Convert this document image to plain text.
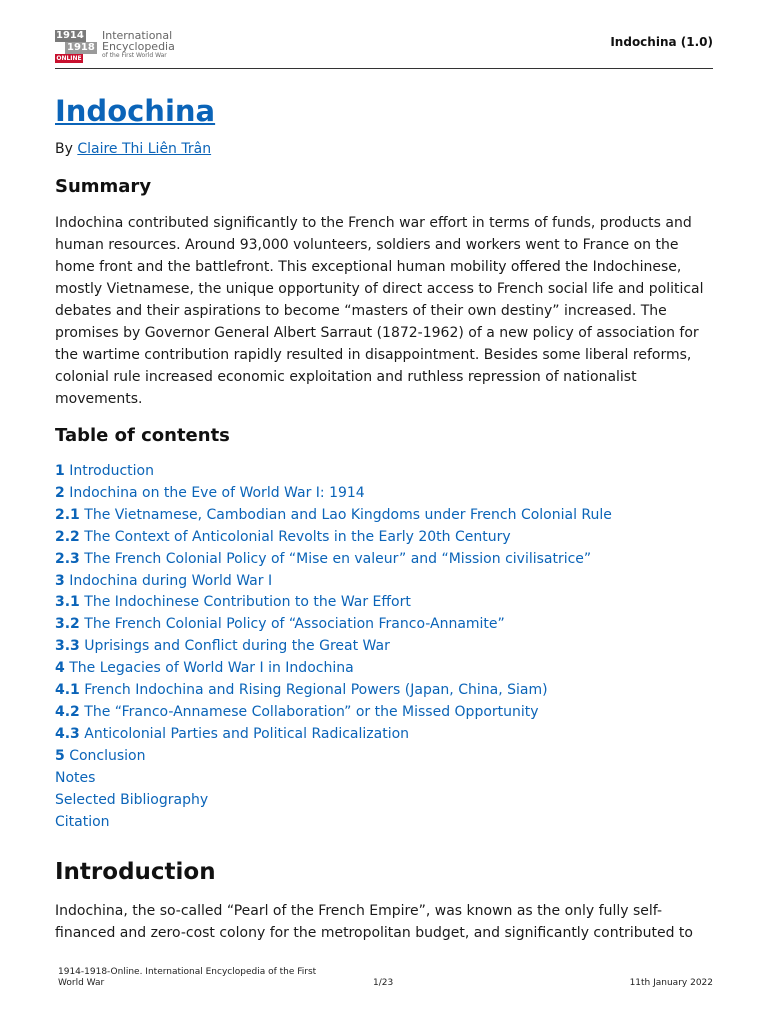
1914
1918
ONLINE
International
Encyclopedia
of the First World War
Indochina (1.0)
Indochina
By Claire Thi Liên Trân
Summary

Indochina contributed significantly to the French war effort in terms of funds, products and human resources. Around 93,000 volunteers, soldiers and workers went to France on the home front and the battlefront. This exceptional human mobility offered the Indochinese, mostly Vietnamese, the unique opportunity of direct access to French social life and political debates and their aspirations to become “masters of their own destiny” increased. The promises by Governor General Albert Sarraut (1872-1962) of a new policy of association for the wartime contribution rapidly resulted in disappointment. Besides some liberal reforms, colonial rule increased economic exploitation and ruthless repression of nationalist movements.

Table of contents
1 Introduction
2 Indochina on the Eve of World War I: 1914
2.1 The Vietnamese, Cambodian and Lao Kingdoms under French Colonial Rule
2.2 The Context of Anticolonial Revolts in the Early 20th Century
2.3 The French Colonial Policy of “Mise en valeur” and “Mission civilisatrice”
3 Indochina during World War I
3.1 The Indochinese Contribution to the War Effort
3.2 The French Colonial Policy of “Association Franco-Annamite”
3.3 Uprisings and Conflict during the Great War
4 The Legacies of World War I in Indochina
4.1 French Indochina and Rising Regional Powers (Japan, China, Siam)
4.2 The “Franco-Annamese Collaboration” or the Missed Opportunity
4.3 Anticolonial Parties and Political Radicalization
5 Conclusion
Notes
Selected Bibliography
Citation
Introduction

Indochina, the so-called “Pearl of the French Empire”, was known as the only fully self-financed and zero-cost colony for the metropolitan budget, and significantly contributed to

1914-1918-Online. International Encyclopedia of the First World War	1/23	11th January 2022
